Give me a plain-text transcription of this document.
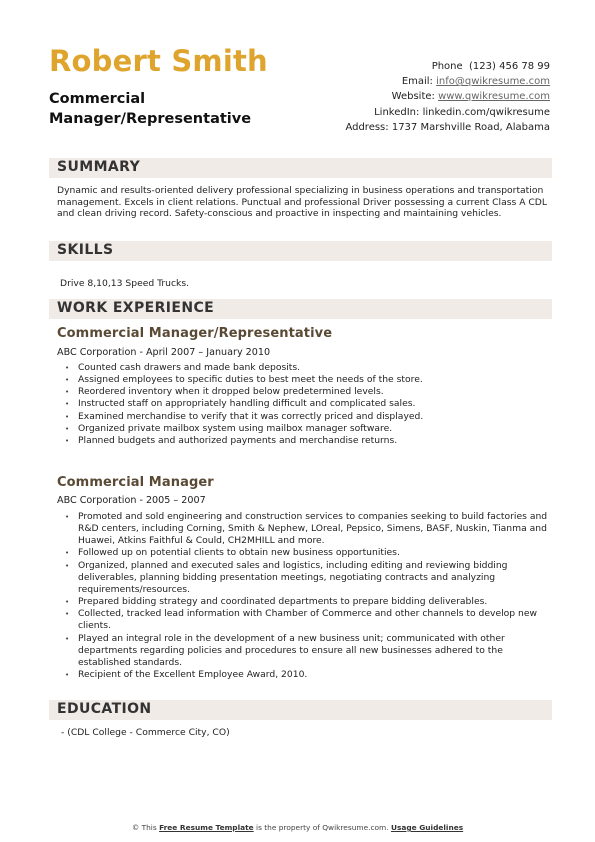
Robert Smith
Commercial Manager/Representative
Phone (123) 456 78 99
Email: info@qwikresume.com
Website: www.qwikresume.com
LinkedIn: linkedin.com/qwikresume
Address: 1737 Marshville Road, Alabama
SUMMARY
Dynamic and results-oriented delivery professional specializing in business operations and transportation management. Excels in client relations. Punctual and professional Driver possessing a current Class A CDL and clean driving record. Safety-conscious and proactive in inspecting and maintaining vehicles.
SKILLS
Drive 8,10,13 Speed Trucks.
WORK EXPERIENCE
Commercial Manager/Representative
ABC Corporation - April 2007 – January 2010
• Counted cash drawers and made bank deposits.
• Assigned employees to specific duties to best meet the needs of the store.
• Reordered inventory when it dropped below predetermined levels.
• Instructed staff on appropriately handling difficult and complicated sales.
• Examined merchandise to verify that it was correctly priced and displayed.
• Organized private mailbox system using mailbox manager software.
• Planned budgets and authorized payments and merchandise returns.
Commercial Manager
ABC Corporation - 2005 – 2007
• Promoted and sold engineering and construction services to companies seeking to build factories and R&D centers, including Corning, Smith & Nephew, LOreal, Pepsico, Simens, BASF, Nuskin, Tianma and Huawei, Atkins Faithful & Could, CH2MHILL and more.
• Followed up on potential clients to obtain new business opportunities.
• Organized, planned and executed sales and logistics, including editing and reviewing bidding deliverables, planning bidding presentation meetings, negotiating contracts and analyzing requirements/resources.
• Prepared bidding strategy and coordinated departments to prepare bidding deliverables.
• Collected, tracked lead information with Chamber of Commerce and other channels to develop new clients.
• Played an integral role in the development of a new business unit; communicated with other departments regarding policies and procedures to ensure all new businesses adhered to the established standards.
• Recipient of the Excellent Employee Award, 2010.
EDUCATION
- (CDL College - Commerce City, CO)
© This Free Resume Template is the property of Qwikresume.com. Usage Guidelines
